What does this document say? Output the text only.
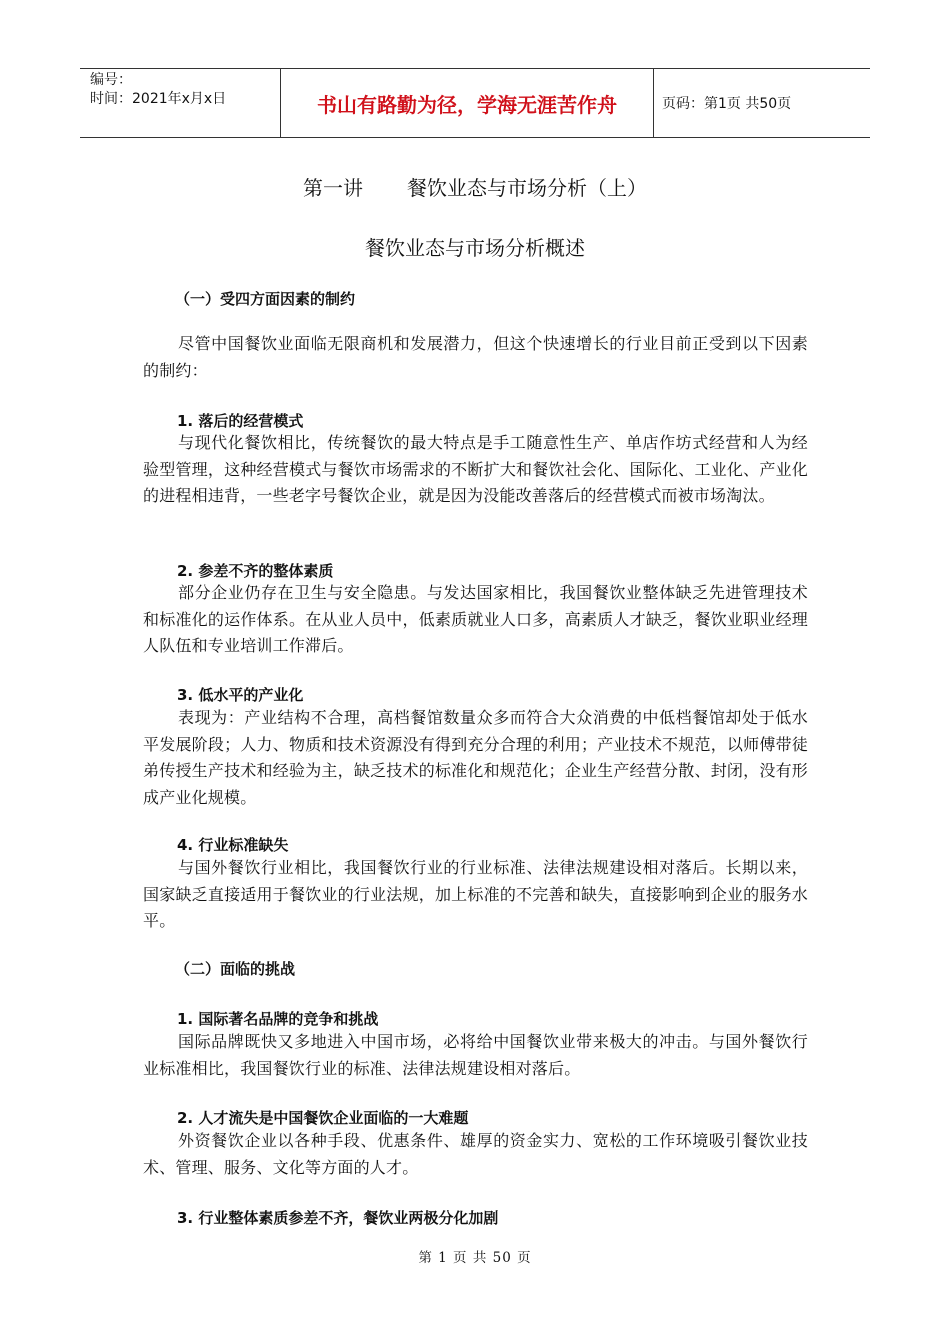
编号：
时间：2021年x月x日	书山有路勤为径，学海无涯苦作舟	页码：第1页 共50页
第一讲 餐饮业态与市场分析（上）
餐饮业态与市场分析概述
（一）受四方面因素的制约
尽管中国餐饮业面临无限商机和发展潜力，但这个快速增长的行业目前正受到以下因素的制约：
1. 落后的经营模式
与现代化餐饮相比，传统餐饮的最大特点是手工随意性生产、单店作坊式经营和人为经验型管理，这种经营模式与餐饮市场需求的不断扩大和餐饮社会化、国际化、工业化、产业化的进程相违背，一些老字号餐饮企业，就是因为没能改善落后的经营模式而被市场淘汰。
2. 参差不齐的整体素质
部分企业仍存在卫生与安全隐患。与发达国家相比，我国餐饮业整体缺乏先进管理技术和标准化的运作体系。在从业人员中，低素质就业人口多，高素质人才缺乏，餐饮业职业经理人队伍和专业培训工作滞后。
3. 低水平的产业化
表现为：产业结构不合理，高档餐馆数量众多而符合大众消费的中低档餐馆却处于低水平发展阶段；人力、物质和技术资源没有得到充分合理的利用；产业技术不规范，以师傅带徒弟传授生产技术和经验为主，缺乏技术的标准化和规范化；企业生产经营分散、封闭，没有形成产业化规模。
4. 行业标准缺失
与国外餐饮行业相比，我国餐饮行业的行业标准、法律法规建设相对落后。长期以来，国家缺乏直接适用于餐饮业的行业法规，加上标准的不完善和缺失，直接影响到企业的服务水平。
（二）面临的挑战
1. 国际著名品牌的竞争和挑战
国际品牌既快又多地进入中国市场，必将给中国餐饮业带来极大的冲击。与国外餐饮行业标准相比，我国餐饮行业的标准、法律法规建设相对落后。
2. 人才流失是中国餐饮企业面临的一大难题
外资餐饮企业以各种手段、优惠条件、雄厚的资金实力、宽松的工作环境吸引餐饮业技术、管理、服务、文化等方面的人才。
3. 行业整体素质参差不齐，餐饮业两极分化加剧
第 1 页 共 50 页
